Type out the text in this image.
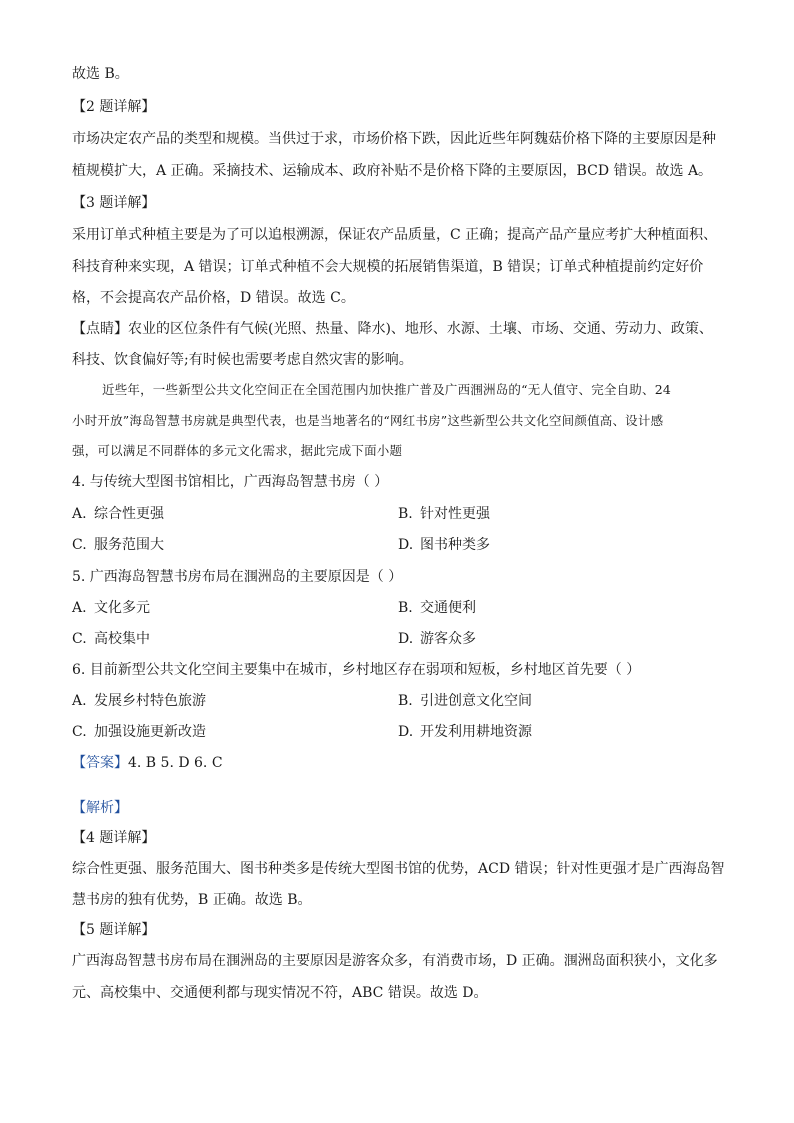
故选 B。
【2 题详解】
市场决定农产品的类型和规模。当供过于求，市场价格下跌，因此近些年阿魏菇价格下降的主要原因是种
植规模扩大，A 正确。采摘技术、运输成本、政府补贴不是价格下降的主要原因，BCD 错误。故选 A。
【3 题详解】
采用订单式种植主要是为了可以追根溯源，保证农产品质量，C 正确；提高产品产量应考扩大种植面积、
科技育种来实现，A 错误；订单式种植不会大规模的拓展销售渠道，B 错误；订单式种植提前约定好价
格，不会提高农产品价格，D 错误。故选 C。
【点睛】农业的区位条件有气候(光照、热量、降水)、地形、水源、土壤、市场、交通、劳动力、政策、
科技、饮食偏好等;有时候也需要考虑自然灾害的影响。
近些年，一些新型公共文化空间正在全国范围内加快推广普及广西涠洲岛的“无人值守、完全自助、24
小时开放”海岛智慧书房就是典型代表，也是当地著名的“网红书房”这些新型公共文化空间颜值高、设计感
强，可以满足不同群体的多元文化需求，据此完成下面小题
4. 与传统大型图书馆相比，广西海岛智慧书房（ ）
A. 综合性更强	B. 针对性更强
C. 服务范围大	D. 图书种类多
5. 广西海岛智慧书房布局在涠洲岛的主要原因是（ ）
A. 文化多元	B. 交通便利
C. 高校集中	D. 游客众多
6. 目前新型公共文化空间主要集中在城市，乡村地区存在弱项和短板，乡村地区首先要（ ）
A. 发展乡村特色旅游	B. 引进创意文化空间
C. 加强设施更新改造	D. 开发利用耕地资源
【答案】4. B 5. D 6. C
【解析】
【4 题详解】
综合性更强、服务范围大、图书种类多是传统大型图书馆的优势，ACD 错误；针对性更强才是广西海岛智
慧书房的独有优势，B 正确。故选 B。
【5 题详解】
广西海岛智慧书房布局在涠洲岛的主要原因是游客众多，有消费市场，D 正确。涠洲岛面积狭小，文化多
元、高校集中、交通便利都与现实情况不符，ABC 错误。故选 D。
